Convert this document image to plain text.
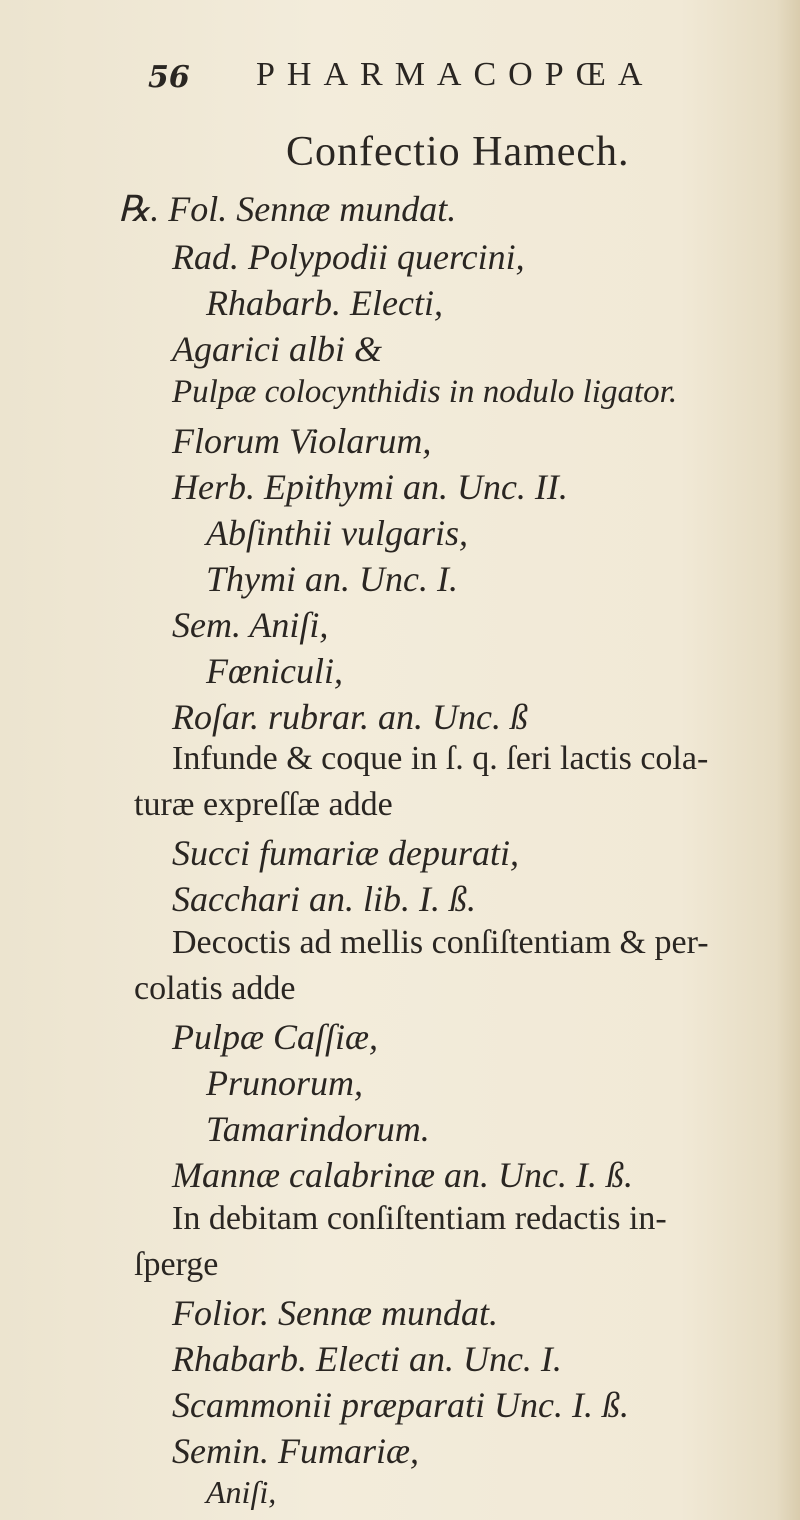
56 PHARMACOPŒA
Confectio Hamech.
℞. Fol. Sennæ mundat.
Rad. Polypodii quercini,
Rhabarb. Electi,
Agarici albi &
Pulpæ colocynthidis in nodulo ligator.
Florum Violarum,
Herb. Epithymi an. Unc. II.
Abſinthii vulgaris,
Thymi an. Unc. I.
Sem. Aniſi,
Fœniculi,
Roſar. rubrar. an. Unc. ß
Infunde & coque in ſ. q. ſeri lactis cola-
turæ expreſſæ adde
Succi fumariæ depurati,
Sacchari an. lib. I. ß.
Decoctis ad mellis conſiſtentiam & per-
colatis adde
Pulpæ Caſſiæ,
Prunorum,
Tamarindorum.
Mannæ calabrinæ an. Unc. I. ß.
In debitam conſiſtentiam redactis in-
ſperge
Folior. Sennæ mundat.
Rhabarb. Electi an. Unc. I.
Scammonii præparati Unc. I. ß.
Semin. Fumariæ,
Aniſi,
